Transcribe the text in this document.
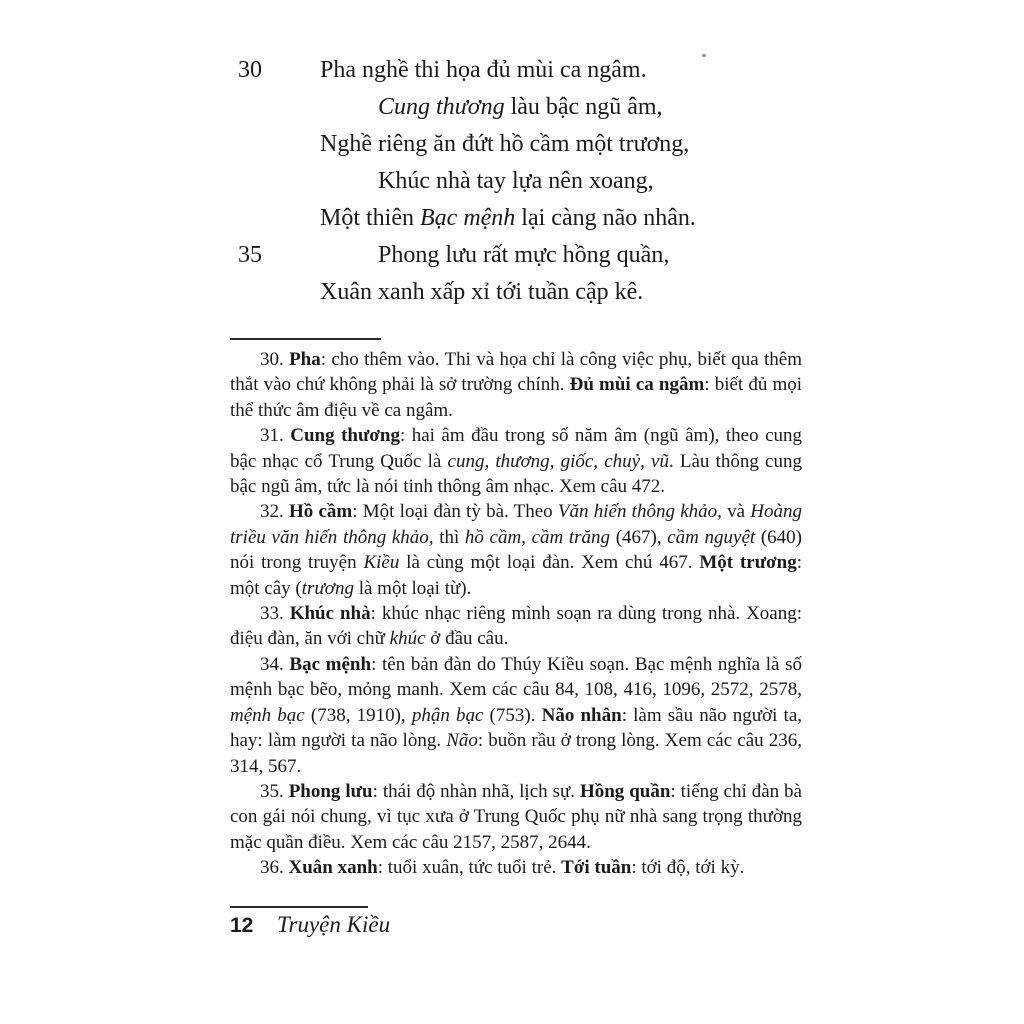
30 Pha nghề thi họa đủ mùi ca ngâm.
Cung thương làu bậc ngũ âm,
Nghề riêng ăn đứt hồ cầm một trương,
Khúc nhà tay lựa nên xoang,
Một thiên Bạc mệnh lại càng não nhân.
35	Phong lưu rất mực hồng quần,
Xuân xanh xấp xỉ tới tuần cập kê.

30. Pha: cho thêm vào. Thi và họa chỉ là công việc phụ, biết qua thêm thắt vào chứ không phải là sở trường chính. Đủ mùi ca ngâm: biết đủ mọi thể thức âm điệu về ca ngâm.

31. Cung thương: hai âm đầu trong số năm âm (ngũ âm), theo cung bậc nhạc cổ Trung Quốc là cung, thương, giốc, chuỷ, vũ. Làu thông cung bậc ngũ âm, tức là nói tinh thông âm nhạc. Xem câu 472.

32. Hồ cầm: Một loại đàn tỳ bà. Theo Văn hiến thông khảo, và Hoàng triều văn hiến thông khảo, thì hồ cầm, cầm trăng (467), cầm nguyệt (640) nói trong truyện Kiều là cùng một loại đàn. Xem chú 467. Một trương: một cây (trương là một loại từ).

33. Khúc nhà: khúc nhạc riêng mình soạn ra dùng trong nhà. Xoang: điệu đàn, ăn với chữ khúc ở đầu câu.

34. Bạc mệnh: tên bản đàn do Thúy Kiều soạn. Bạc mệnh nghĩa là số mệnh bạc bẽo, mỏng manh. Xem các câu 84, 108, 416, 1096, 2572, 2578, mệnh bạc (738, 1910), phận bạc (753). Não nhân: làm sầu não người ta, hay: làm người ta não lòng. Não: buồn rầu ở trong lòng. Xem các câu 236, 314, 567.

35. Phong lưu: thái độ nhàn nhã, lịch sự. Hồng quần: tiếng chỉ đàn bà con gái nói chung, vì tục xưa ở Trung Quốc phụ nữ nhà sang trọng thường mặc quần điều. Xem các câu 2157, 2587, 2644.

36. Xuân xanh: tuổi xuân, tức tuổi trẻ. Tới tuần: tới độ, tới kỳ.

12 Truyện Kiều
